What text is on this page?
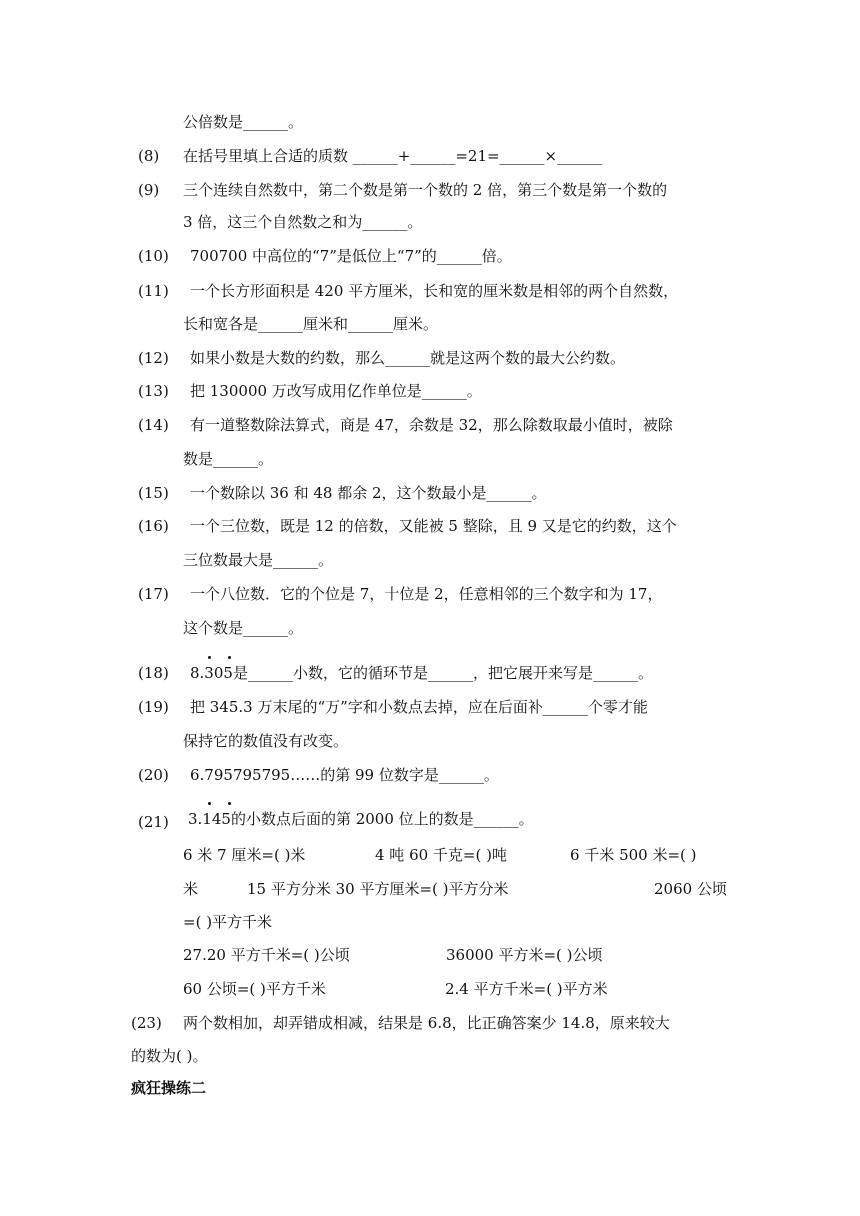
公倍数是______。
(8) 在括号里填上合适的质数 ______+______=21=______×______
(9) 三个连续自然数中，第二个数是第一个数的 2 倍，第三个数是第一个数的
3 倍，这三个自然数之和为______。
(10) 700700 中高位的“7”是低位上“7”的______倍。
(11) 一个长方形面积是 420 平方厘米，长和宽的厘米数是相邻的两个自然数，
长和宽各是______厘米和______厘米。
(12) 如果小数是大数的约数，那么______就是这两个数的最大公约数。
(13) 把 130000 万改写成用亿作单位是______。
(14) 有一道整数除法算式，商是 47，余数是 32，那么除数取最小值时，被除
数是______。
(15) 一个数除以 36 和 48 都余 2，这个数最小是______。
(16) 一个三位数，既是 12 的倍数，又能被 5 整除，且 9 又是它的约数，这个
三位数最大是______。
(17) 一个八位数．它的个位是 7，十位是 2，任意相邻的三个数字和为 17，
这个数是______。
(18) 8.305
是______小数，它的循环节是______，把它展开来写是______。
(19) 把 345.3 万末尾的“万”字和小数点去掉，应在后面补______个零才能
保持它的数值没有改变。
(20) 6.795795795……的第 99 位数字是______。
(21) 3.145
的小数点后面的第 2000 位上的数是______。
6 米 7 厘米=( )米	4 吨 60 千克=( )吨	6 千米 500 米=( )
米	15 平方分米 30 平方厘米=( )平方分米	2060 公顷
=( )平方千米
27.20 平方千米=( )公顷	36000 平方米=( )公顷
60 公顷=( )平方千米	2.4 平方千米=( )平方米
(23) 两个数相加，却弄错成相减，结果是 6.8，比正确答案少 14.8，原来较大
的数为( )。
疯狂操练二
